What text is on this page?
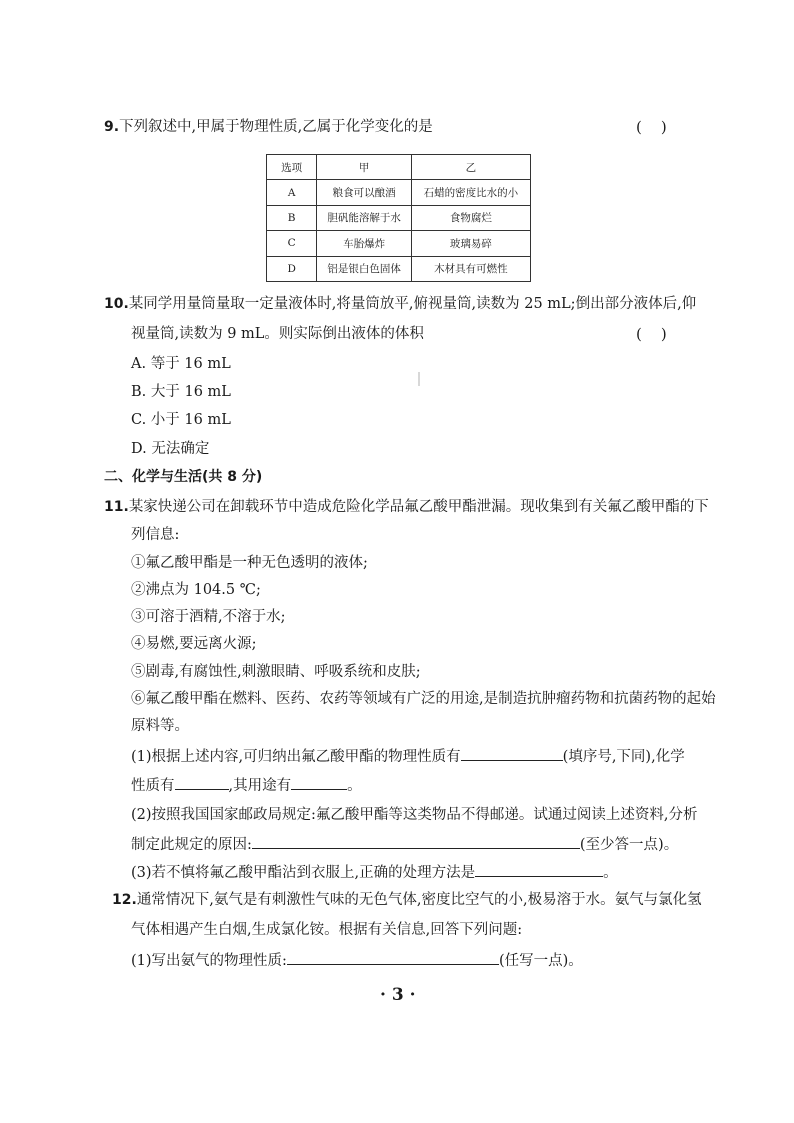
9.下列叙述中,甲属于物理性质,乙属于化学变化的是	(    )
选项	甲	乙
A	粮食可以酿酒	石蜡的密度比水的小
B	胆矾能溶解于水	食物腐烂
C	车胎爆炸	玻璃易碎
D	铝是银白色固体	木材具有可燃性
10.某同学用量筒量取一定量液体时,将量筒放平,俯视量筒,读数为 25 mL;倒出部分液体后,仰
视量筒,读数为 9 mL。则实际倒出液体的体积	(    )
A. 等于 16 mL
B. 大于 16 mL
C. 小于 16 mL
D. 无法确定
二、化学与生活(共 8 分)
11.某家快递公司在卸载环节中造成危险化学品氟乙酸甲酯泄漏。现收集到有关氟乙酸甲酯的下
列信息:
①氟乙酸甲酯是一种无色透明的液体;
②沸点为 104.5 ℃;
③可溶于酒精,不溶于水;
④易燃,要远离火源;
⑤剧毒,有腐蚀性,刺激眼睛、呼吸系统和皮肤;
⑥氟乙酸甲酯在燃料、医药、农药等领域有广泛的用途,是制造抗肿瘤药物和抗菌药物的起始
原料等。
(1)根据上述内容,可归纳出氟乙酸甲酯的物理性质有	(填序号,下同),化学
性质有	,其用途有	。
(2)按照我国国家邮政局规定:氟乙酸甲酯等这类物品不得邮递。试通过阅读上述资料,分析
制定此规定的原因:	(至少答一点)。
(3)若不慎将氟乙酸甲酯沾到衣服上,正确的处理方法是	。
12.通常情况下,氨气是有刺激性气味的无色气体,密度比空气的小,极易溶于水。氨气与氯化氢
气体相遇产生白烟,生成氯化铵。根据有关信息,回答下列问题:
(1)写出氨气的物理性质:	(任写一点)。
· 3 ·
